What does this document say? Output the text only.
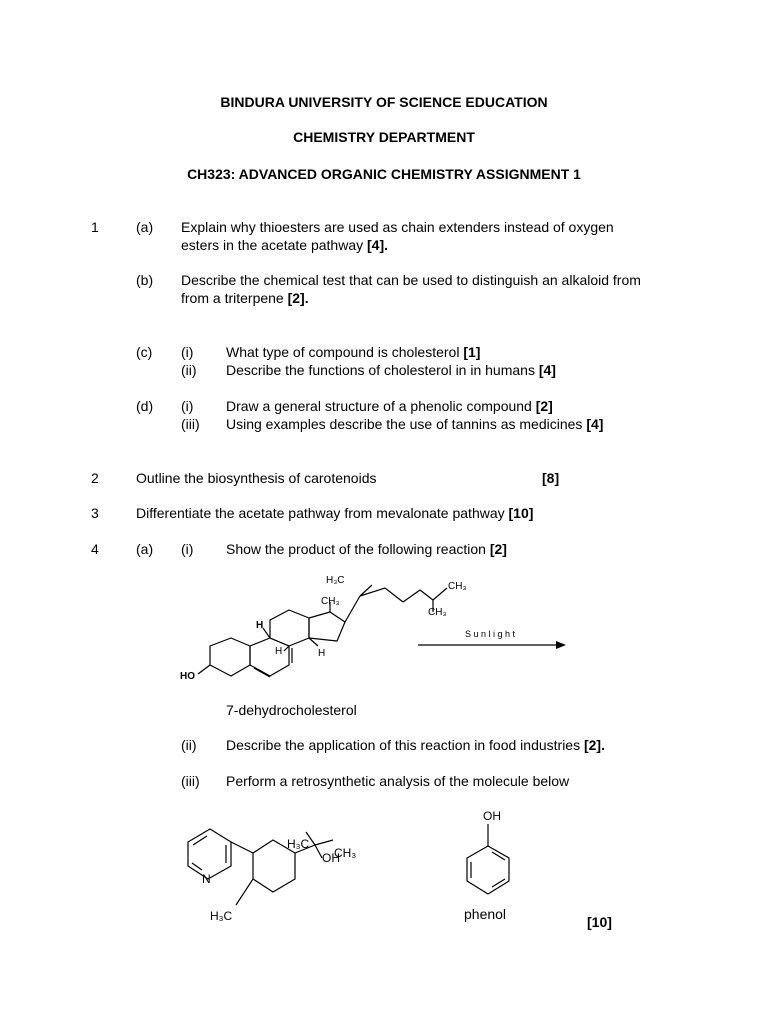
BINDURA UNIVERSITY OF SCIENCE EDUCATION
CHEMISTRY DEPARTMENT
CH323: ADVANCED ORGANIC CHEMISTRY ASSIGNMENT 1
1	(a) Explain why thioesters are used as chain extenders instead of oxygen
esters in the acetate pathway [4].
(b) Describe the chemical test that can be used to distinguish an alkaloid from
from a triterpene [2].
(c) (i) What type of compound is cholesterol [1]
(ii) Describe the functions of cholesterol in in humans [4]
(d) (i) Draw a general structure of a phenolic compound [2]
(iii) Using examples describe the use of tannins as medicines [4]
2	Outline the biosynthesis of carotenoids	[8]
3	Differentiate the acetate pathway from mevalonate pathway [10]
4	(a) (i) Show the product of the following reaction [2]
H₃C
CH₃
CH₃
CH₃
H
H	H
HO
S u n l i g h t
7-dehydrocholesterol
(ii) Describe the application of this reaction in food industries [2].
(iii) Perform a retrosynthetic analysis of the molecule below
N
H₃C
CH₃
OH
H₃C
OH
phenol	[10]
